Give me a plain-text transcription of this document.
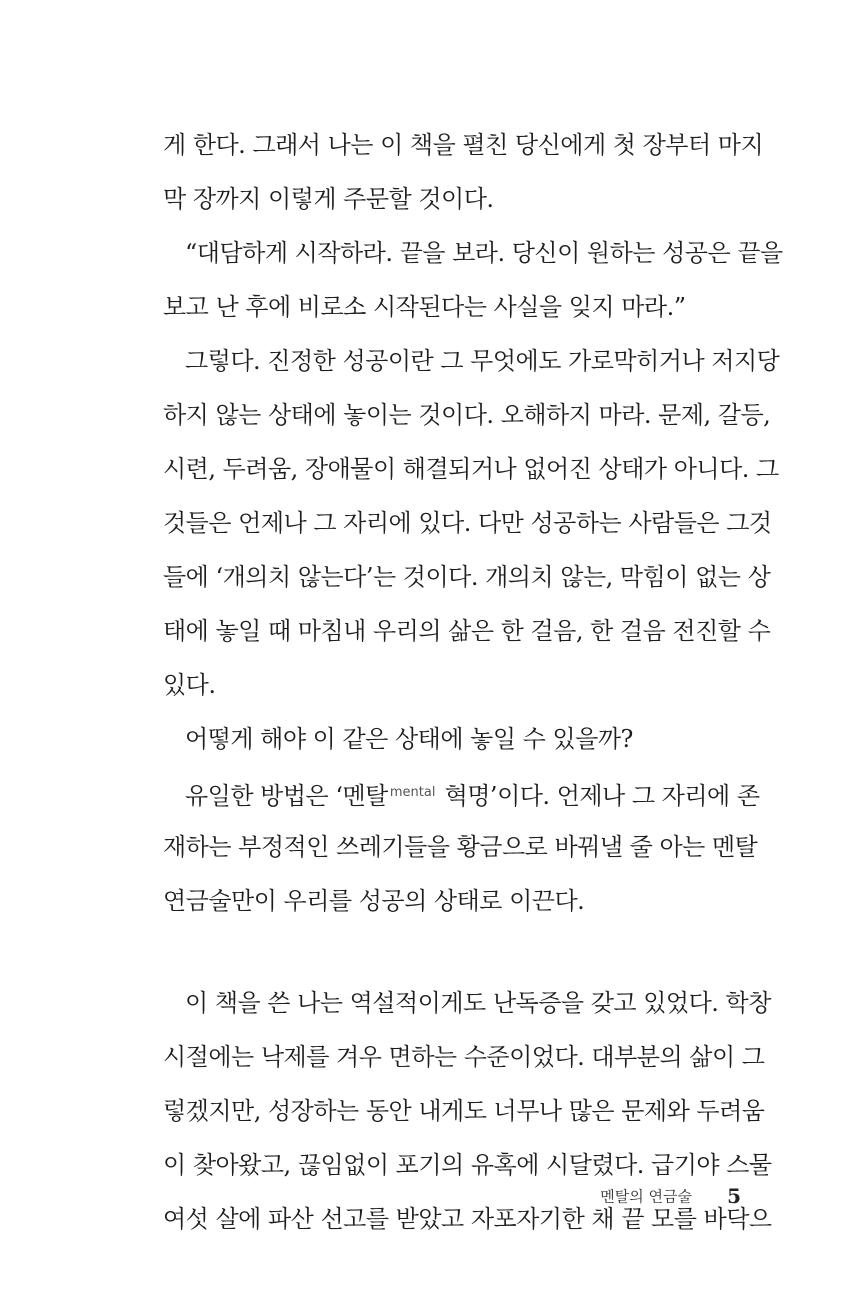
게 한다. 그래서 나는 이 책을 펼친 당신에게 첫 장부터 마지
막 장까지 이렇게 주문할 것이다.
“대담하게 시작하라. 끝을 보라. 당신이 원하는 성공은 끝을
보고 난 후에 비로소 시작된다는 사실을 잊지 마라.”
그렇다. 진정한 성공이란 그 무엇에도 가로막히거나 저지당
하지 않는 상태에 놓이는 것이다. 오해하지 마라. 문제, 갈등,
시련, 두려움, 장애물이 해결되거나 없어진 상태가 아니다. 그
것들은 언제나 그 자리에 있다. 다만 성공하는 사람들은 그것
들에 ‘개의치 않는다’는 것이다. 개의치 않는, 막힘이 없는 상
태에 놓일 때 마침내 우리의 삶은 한 걸음, 한 걸음 전진할 수
있다.
어떻게 해야 이 같은 상태에 놓일 수 있을까?
유일한 방법은 ‘멘탈 $^{mental}$ 혁명’이다. 언제나 그 자리에 존
재하는 부정적인 쓰레기들을 황금으로 바꿔낼 줄 아는 멘탈
연금술만이 우리를 성공의 상태로 이끈다.
이 책을 쓴 나는 역설적이게도 난독증을 갖고 있었다. 학창
시절에는 낙제를 겨우 면하는 수준이었다. 대부분의 삶이 그
렇겠지만, 성장하는 동안 내게도 너무나 많은 문제와 두려움
이 찾아왔고, 끊임없이 포기의 유혹에 시달렸다. 급기야 스물
여섯 살에 파산 선고를 받았고 자포자기한 채 끝 모를 바닥으
멘탈의 연금술 5
